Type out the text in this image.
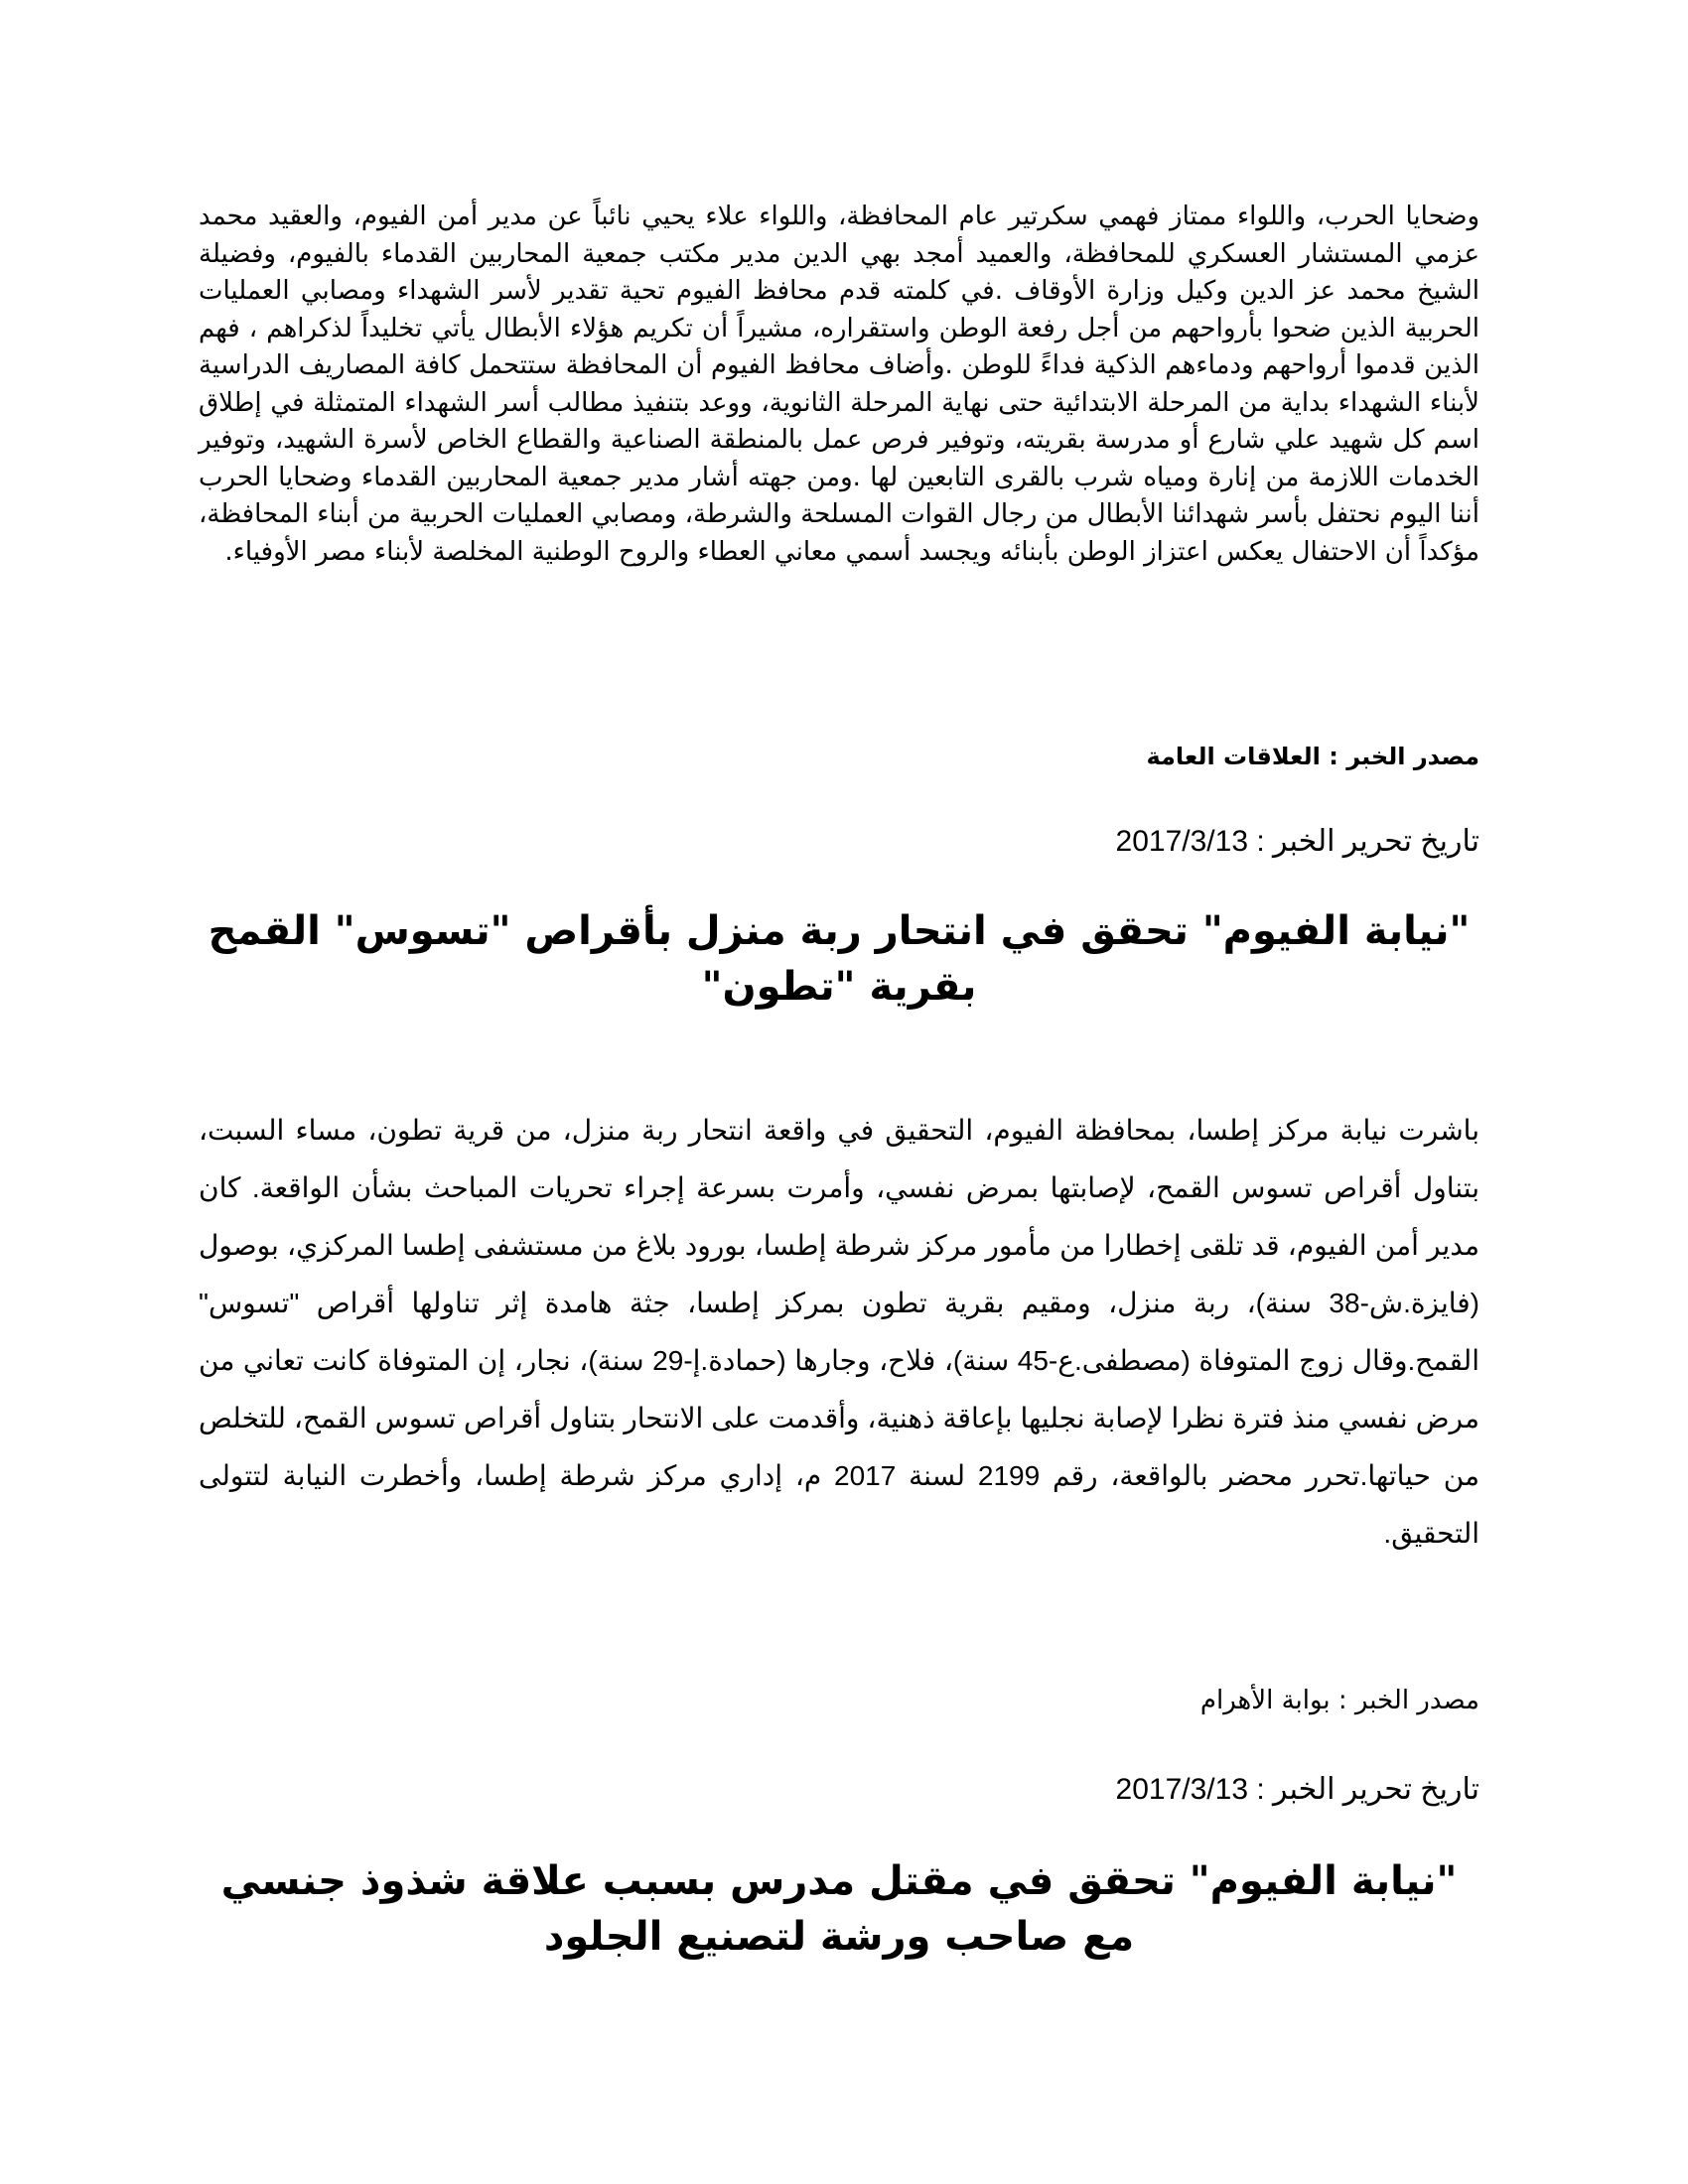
وضحايا الحرب، واللواء ممتاز فهمي سكرتير عام المحافظة، واللواء علاء يحيي نائباً عن مدير أمن الفيوم، والعقيد محمد عزمي المستشار العسكري للمحافظة، والعميد أمجد بهي الدين مدير مكتب جمعية المحاربين القدماء بالفيوم، وفضيلة الشيخ محمد عز الدين وكيل وزارة الأوقاف .في كلمته قدم محافظ الفيوم تحية تقدير لأسر الشهداء ومصابي العمليات الحربية الذين ضحوا بأرواحهم من أجل رفعة الوطن واستقراره، مشيراً أن تكريم هؤلاء الأبطال يأتي تخليداً لذكراهم ، فهم الذين قدموا أرواحهم ودماءهم الذكية فداءً للوطن .وأضاف محافظ الفيوم أن المحافظة ستتحمل كافة المصاريف الدراسية لأبناء الشهداء بداية من المرحلة الابتدائية حتى نهاية المرحلة الثانوية، ووعد بتنفيذ مطالب أسر الشهداء المتمثلة في إطلاق اسم كل شهيد علي شارع أو مدرسة بقريته، وتوفير فرص عمل بالمنطقة الصناعية والقطاع الخاص لأسرة الشهيد، وتوفير الخدمات اللازمة من إنارة ومياه شرب بالقرى التابعين لها .ومن جهته أشار مدير جمعية المحاربين القدماء وضحايا الحرب أننا اليوم نحتفل بأسر شهدائنا الأبطال من رجال القوات المسلحة والشرطة، ومصابي العمليات الحربية من أبناء المحافظة، مؤكداً أن الاحتفال يعكس اعتزاز الوطن بأبنائه ويجسد أسمي معاني العطاء والروح الوطنية المخلصة لأبناء مصر الأوفياء.

مصدر الخبر : العلاقات العامة
تاريخ تحرير الخبر : 2017/3/13
"نيابة الفيوم" تحقق في انتحار ربة منزل بأقراص "تسوس" القمح بقرية "تطون"

باشرت نيابة مركز إطسا، بمحافظة الفيوم، التحقيق في واقعة انتحار ربة منزل، من قرية تطون، مساء السبت، بتناول أقراص تسوس القمح، لإصابتها بمرض نفسي، وأمرت بسرعة إجراء تحريات المباحث بشأن الواقعة. كان مدير أمن الفيوم، قد تلقى إخطارا من مأمور مركز شرطة إطسا، بورود بلاغ من مستشفى إطسا المركزي، بوصول (فايزة.ش-38 سنة)، ربة منزل، ومقيم بقرية تطون بمركز إطسا، جثة هامدة إثر تناولها أقراص "تسوس" القمح.وقال زوج المتوفاة (مصطفى.ع-45 سنة)، فلاح، وجارها (حمادة.إ-29 سنة)، نجار، إن المتوفاة كانت تعاني من مرض نفسي منذ فترة نظرا لإصابة نجليها بإعاقة ذهنية، وأقدمت على الانتحار بتناول أقراص تسوس القمح، للتخلص من حياتها.تحرر محضر بالواقعة، رقم 2199 لسنة 2017 م، إداري مركز شرطة إطسا، وأخطرت النيابة لتتولى التحقيق.

مصدر الخبر : بوابة الأهرام
تاريخ تحرير الخبر : 2017/3/13
"نيابة الفيوم" تحقق في مقتل مدرس بسبب علاقة شذوذ جنسي مع صاحب ورشة لتصنيع الجلود
